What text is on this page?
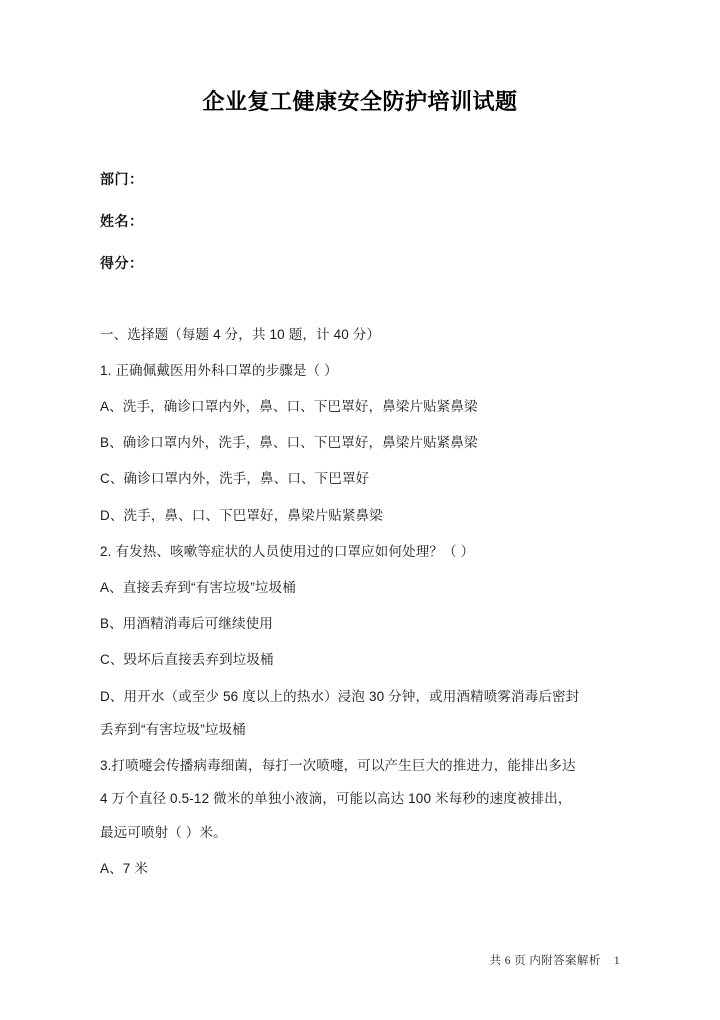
企业复工健康安全防护培训试题
部门：
姓名：
得分：
一、选择题（每题 4 分，共 10 题，计 40 分）
1. 正确佩戴医用外科口罩的步骤是（ ）
A、洗手，确诊口罩内外，鼻、口、下巴罩好，鼻梁片贴紧鼻梁
B、确诊口罩内外，洗手，鼻、口、下巴罩好，鼻梁片贴紧鼻梁
C、确诊口罩内外，洗手，鼻、口、下巴罩好
D、洗手，鼻、口、下巴罩好，鼻梁片贴紧鼻梁
2. 有发热、咳嗽等症状的人员使用过的口罩应如何处理？（ ）
A、直接丢弃到“有害垃圾”垃圾桶
B、用酒精消毒后可继续使用
C、毁坏后直接丢弃到垃圾桶
D、用开水（或至少 56 度以上的热水）浸泡 30 分钟，或用酒精喷雾消毒后密封
丢弃到“有害垃圾”垃圾桶
3.打喷嚏会传播病毒细菌，每打一次喷嚏，可以产生巨大的推进力，能排出多达
4 万个直径 0.5-12 微米的单独小液滴，可能以高达 100 米每秒的速度被排出，
最远可喷射（ ）米。
A、7 米
共 6 页 内附答案解析    1
